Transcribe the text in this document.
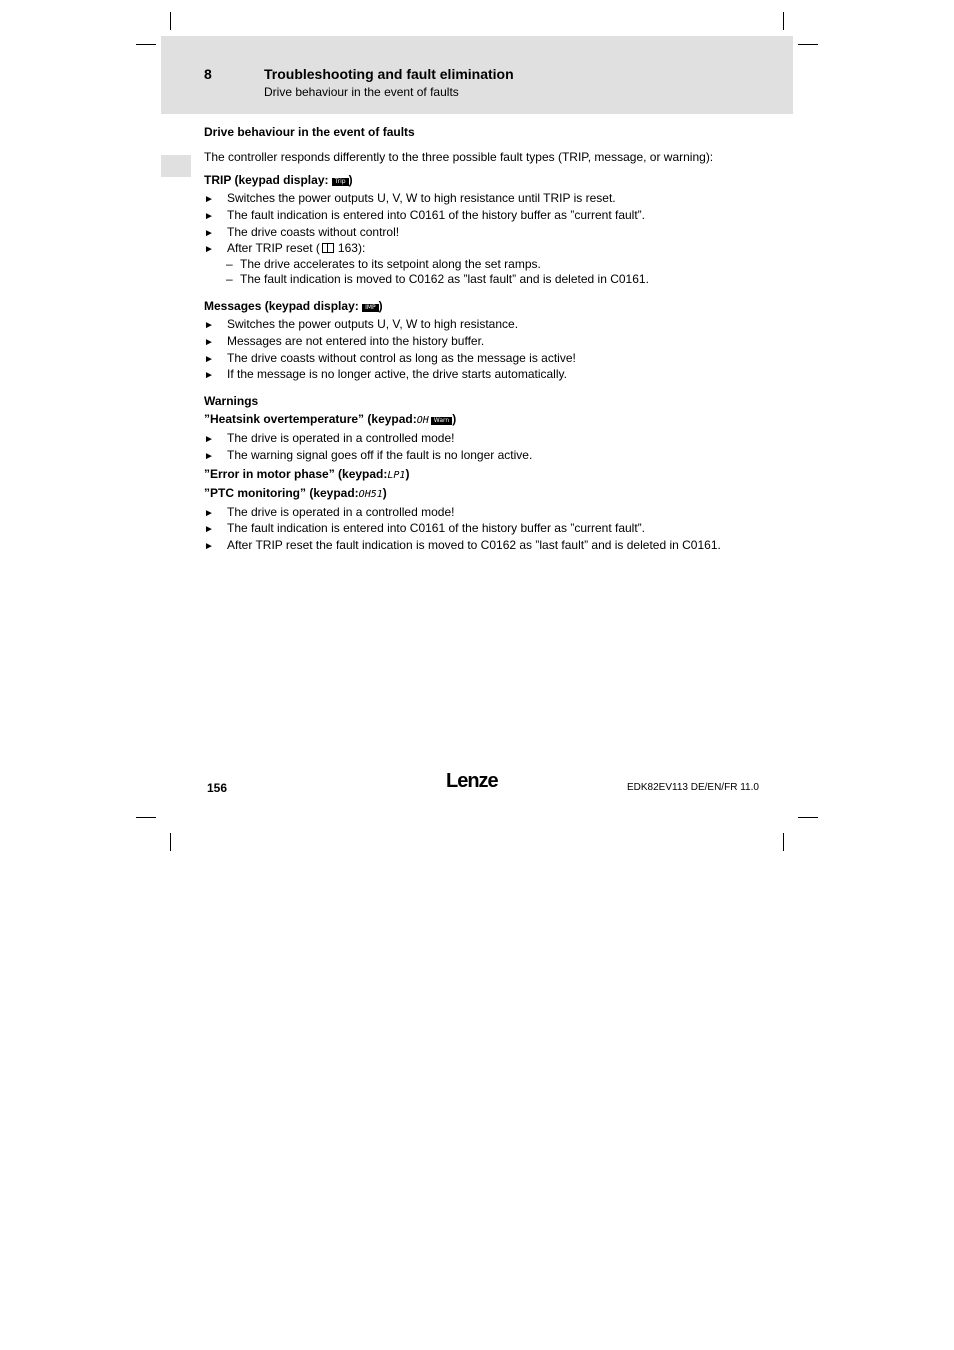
8	Troubleshooting and fault elimination
Drive behaviour in the event of faults
Drive behaviour in the event of faults
The controller responds differently to the three possible fault types (TRIP, message, or warning):
TRIP (keypad display: Trip )
► Switches the power outputs U, V, W to high resistance until TRIP is reset.
► The fault indication is entered into C0161 of the history buffer as ”current fault”.
► The drive coasts without control!
► After TRIP reset ( 163):
– The drive accelerates to its setpoint along the set ramps.
– The fault indication is moved to C0162 as ”last fault” and is deleted in C0161.
Messages (keypad display: IMP )
► Switches the power outputs U, V, W to high resistance.
► Messages are not entered into the history buffer.
► The drive coasts without control as long as the message is active!
► If the message is no longer active, the drive starts automatically.
Warnings
”Heatsink overtemperature” (keypad:OH Warn )
► The drive is operated in a controlled mode!
► The warning signal goes off if the fault is no longer active.
”Error in motor phase” (keypad:LP1)
”PTC monitoring” (keypad:OH51)
► The drive is operated in a controlled mode!
► The fault indication is entered into C0161 of the history buffer as ”current fault”.
► After TRIP reset the fault indication is moved to C0162 as ”last fault” and is deleted in C0161.
156	Lenze	EDK82EV113 DE/EN/FR 11.0
